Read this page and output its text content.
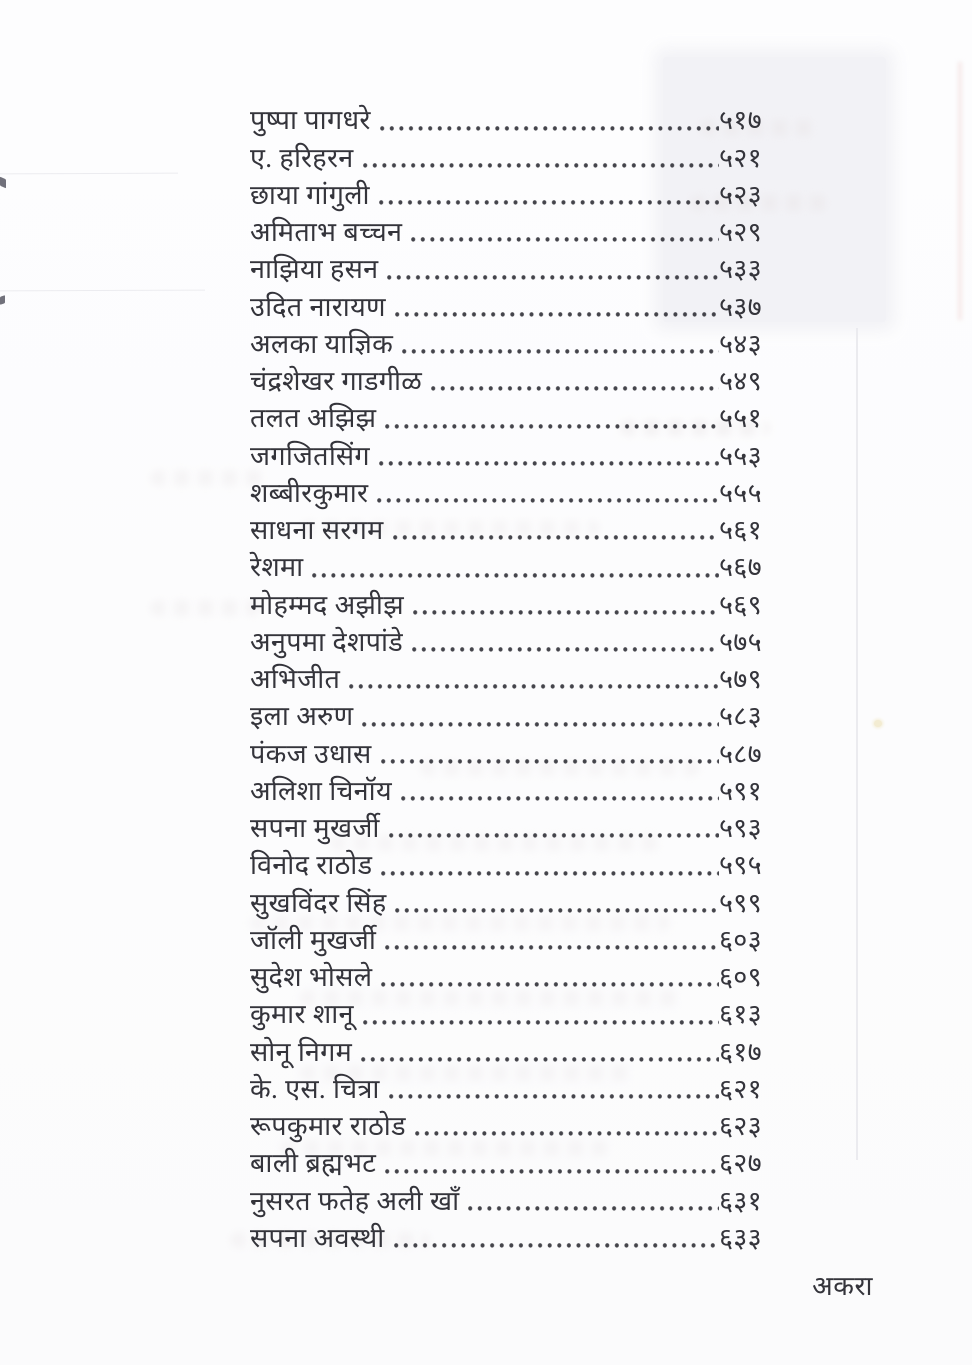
पुष्पा पागधरे	५१७
ए. हरिहरन	५२१
छाया गांगुली	५२३
अमिताभ बच्चन	५२९
नाझिया हसन	५३३
उदित नारायण	५३७
अलका याज्ञिक	५४३
चंद्रशेखर गाडगीळ	५४९
तलत अझिझ	५५१
जगजितसिंग	५५३
शब्बीरकुमार	५५५
साधना सरगम	५६१
रेशमा	५६७
मोहम्मद अझीझ	५६९
अनुपमा देशपांडे	५७५
अभिजीत	५७९
इला अरुण	५८३
पंकज उधास	५८७
अलिशा चिनॉय	५९१
सपना मुखर्जी	५९३
विनोद राठोड	५९५
सुखविंदर सिंह	५९९
जॉली मुखर्जी	६०३
सुदेश भोसले	६०९
कुमार शानू	६१३
सोनू निगम	६१७
के. एस. चित्रा	६२१
रूपकुमार राठोड	६२३
बाली ब्रह्मभट	६२७
नुसरत फतेह अली खाँ	६३१
सपना अवस्थी	६३३
अकरा
